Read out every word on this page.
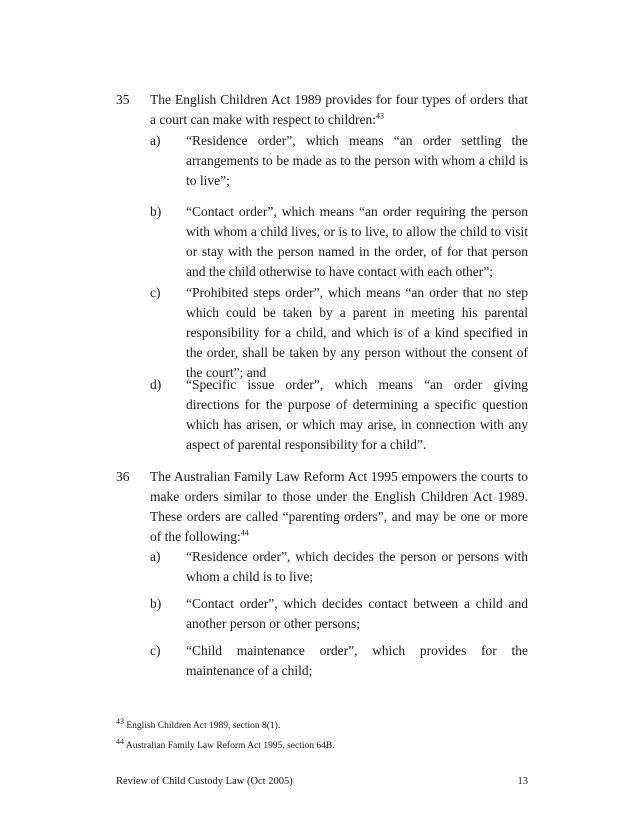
35 The English Children Act 1989 provides for four types of orders that a court can make with respect to children:$^{43}$
a) “Residence order”, which means “an order settling the arrangements to be made as to the person with whom a child is to live”;
b) “Contact order”, which means “an order requiring the person with whom a child lives, or is to live, to allow the child to visit or stay with the person named in the order, of for that person and the child otherwise to have contact with each other”;
c) “Prohibited steps order”, which means “an order that no step which could be taken by a parent in meeting his parental responsibility for a child, and which is of a kind specified in the order, shall be taken by any person without the consent of the court”; and
d) “Specific issue order”, which means “an order giving directions for the purpose of determining a specific question which has arisen, or which may arise, in connection with any aspect of parental responsibility for a child”.
36 The Australian Family Law Reform Act 1995 empowers the courts to make orders similar to those under the English Children Act 1989. These orders are called “parenting orders”, and may be one or more of the following:$^{44}$
a) “Residence order”, which decides the person or persons with whom a child is to live;
b) “Contact order”, which decides contact between a child and another person or other persons;
c) “Child maintenance order”, which provides for the maintenance of a child;
$^{43}$ English Children Act 1989, section 8(1).
$^{44}$ Australian Family Law Reform Act 1995, section 64B.
Review of Child Custody Law (Oct 2005)	13
